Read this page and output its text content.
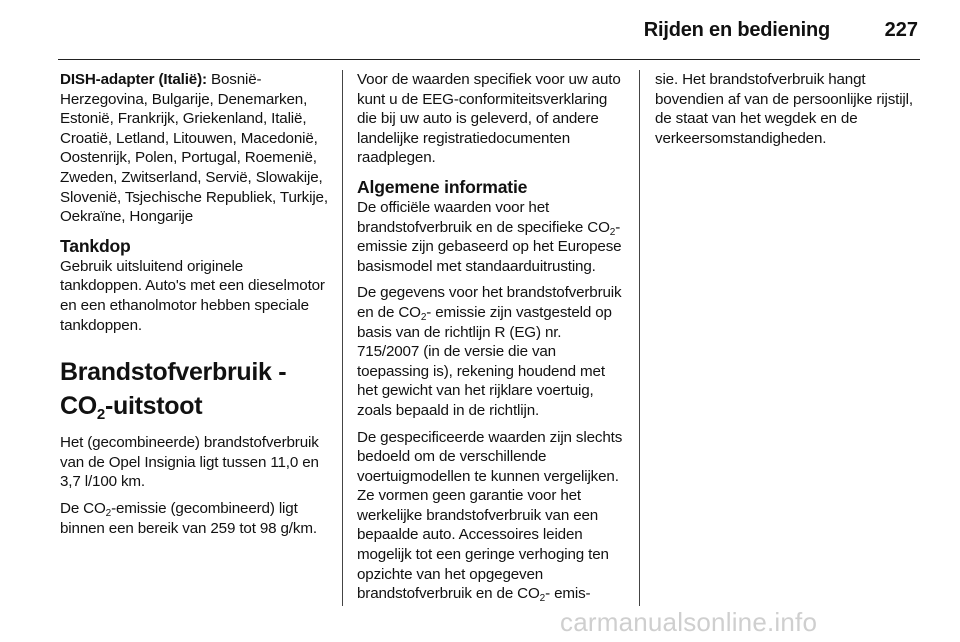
Rijden en bediening	227

DISH-adapter (Italië): Bosnië-Herzegovina, Bulgarije, Denemarken, Estonië, Frankrijk, Griekenland, Italië, Croatië, Letland, Litouwen, Macedonië, Oostenrijk, Polen, Portugal, Roemenië, Zweden, Zwitserland, Servië, Slowakije, Slovenië, Tsjechische Republiek, Turkije, Oekraïne, Hongarije

Tankdop

Gebruik uitsluitend originele tankdoppen. Auto's met een dieselmotor en een ethanolmotor hebben speciale tankdoppen.

Brandstofverbruik - $CO_2$-uitstoot

Het (gecombineerde) brandstofverbruik van de Opel Insignia ligt tussen 11,0 en 3,7 l/100 km.

De $CO_2$-emissie (gecombineerd) ligt binnen een bereik van 259 tot 98 g/km.

Voor de waarden specifiek voor uw auto kunt u de EEG-conformiteitsverklaring die bij uw auto is geleverd, of andere landelijke registratiedocumenten raadplegen.

Algemene informatie

De officiële waarden voor het brandstofverbruik en de specifieke $CO_2$-emissie zijn gebaseerd op het Europese basismodel met standaarduitrusting.

De gegevens voor het brandstofverbruik en de $CO_2-$ emissie zijn vastgesteld op basis van de richtlijn R (EG) nr. 715/2007 (in de versie die van toepassing is), rekening houdend met het gewicht van het rijklare voertuig, zoals bepaald in de richtlijn.

De gespecificeerde waarden zijn slechts bedoeld om de verschillende voertuigmodellen te kunnen vergelijken. Ze vormen geen garantie voor het werkelijke brandstofverbruik van een bepaalde auto. Accessoires leiden mogelijk tot een geringe verhoging ten opzichte van het opgegeven brandstofverbruik en de $CO_2-$ emis-

sie. Het brandstofverbruik hangt bovendien af van de persoonlijke rijstijl, de staat van het wegdek en de verkeersomstandigheden.

carmanualsonline.info
